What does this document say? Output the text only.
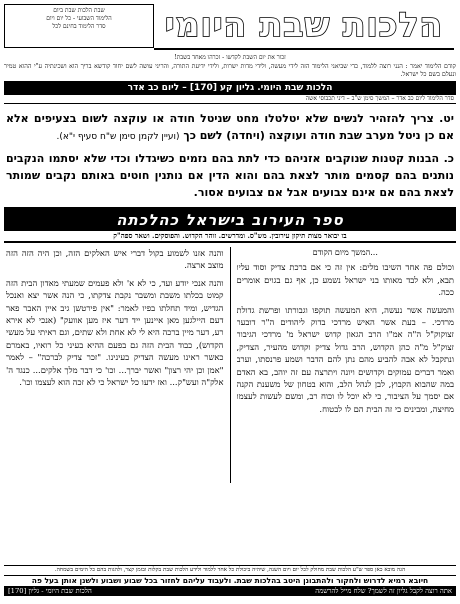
הלכות שבת היומי
שבת הלכות שבת ביום
הלימוד השבועי - כל יום ויום
סדר הלימוד בחינם לכל
זכור את יום השבת לקדשו - זכרהו מאחד בשבת!
קודם הלימוד יאמר : הנני רוצה ללמוד, כדי שביאני הלימוד הזה לידי מעשה, ולידי מדות ישרות, ולידי ידיעת התורה, והריני עושה לשם יחוד קודשא בריך הוא ושכינתיה ע"י ההוא טמיר ונעלם בשם כל ישראל.
הלכות שבת היומי. גליון קע [170] – ליום כב אדר
סדר הלימוד ליום כב אדר – המשך סימן ש"ב – דיני תכבוסי אשה

יט. צריך להזהיר לנשים שלא יטלטלו מחט שניטל חודה או עוקצה לשום בצעיפים אלא אם כן ניטל מערב שבת חודה ועוקצה (ויחדה) לשם כך (ועיין לקמן סימן ש"ח סעיף י"א).

כ. הבנות קטנות שנוקבים אזניהם כדי לתת בהם נזמים כשיגדלו וכדי שלא יסתמו הנקבים נותנים בהם קסמים מותר לצאת בהם והוא הדין אם נותנין חוטים באותם נקבים שמותר לצאת בהם אם אינם צבועים אבל אם צבועים אסור.

ספר העירוב בישראל כהלכתה
בו יבואר מצות תיקון עירובין. מש"ס. ומדרשים. זוהר הקדוש. והפוסקים. ושאר ספה"ק
...המשך מיום הקודם

וכולם פה אחד השיבו מלים: אין זה כי אם ברכת צדיק וסוד עליו תבא, ולא לבד מאותו בני ישראל נשמע כן, אף גם בגוים אומרים ככה.

והמעשה אשר נעשה, היא המעשה תוקפו וגבורתו ופרשת גדולת מרדכי. – בעת אשר האיש מרדכי בדוק ליהודים ה"ר דובער זצוקוק"ל ה"ה אמ"ו הרב הגאון קדוש ישראל מ' מרדכי הגיבור זצוק"ל מ"ה כהן הקדוש, הרב גדול צדיק וקדוש מהעיר, הצדיק, ונתקבל לא אבה להביע מהם נתן להם הדבר ושמע פרנסתו, וערב ואמר דברים עמוקים וקדושים ויונה ויתרצה עם זה יוהב, בא האדם במה שהבוא הקבוץ, לבן לנהל הלב, והוא בטחון של משענת הקנה אם יסמך על הציבור, כי לא יוכל לו וכוח רב, ומשם לעשות לעצמו מחיצה, ומבינים כי זה הבית הם לו לבטוח.

והנה אזנו לשמוע בקול דברי איש האלקים הזה, וכן היה הזה הזה מוצב ארצה.

והנה אנכי יודע ועד, כי לא א' ולא פעמים שמעתי מאדון הבית הזה קמוט בכלתו משבת ומשבר נקבת צדקתו, כי הנה אשר יצא ואנכל הגדיש, ומיד תחלתו בפיו לאמר: "אין פירטשן גיב איין האבר פאר דעם היילגען מאן איינען ייד דער איז מען אוועק" (אנכי לא אירא רע, דער מיין ברכה היא לי לא אחת ולא שתים, וגם ראיתי על מעשי הקדוש), כבוד הבית הזה גם בפעם ההיא בעיני כל רואיו, באמרם כאשר ראינו מעשה הצדיק בעינינו. "זכר צדיק לברכה" – לאמר "אמן וכן יהי רצון" ואשר יברך... וכו' כי דבר מלך אלקים... כנגד ה' אלק"ה ועש"ק... ואז ידעו כל ישראל כי לא זכה הוא לעצמו וכו'.

הגה מובא כאן ספר ש"ע הלכות שבת מחולק לכל יום ויום השנה, שיהיה ביכולת כל אחד ללמוד ולידע הלכות שבת בקלות ובזמן קצר, ולהגות בהם כל הימים בשמחה.
חיובא רמיא לדרוש ולחקור ולהתבונן היטב בהלכות שבת. ולעבוד עליהם לחזור בכל שבוע ושבוע ולשנן אותן בעל פה
אתה רוצה לקבל גליון זה לשמך? שלח מייל להרשמה
הלכות שבת היומי - גליון [170]
